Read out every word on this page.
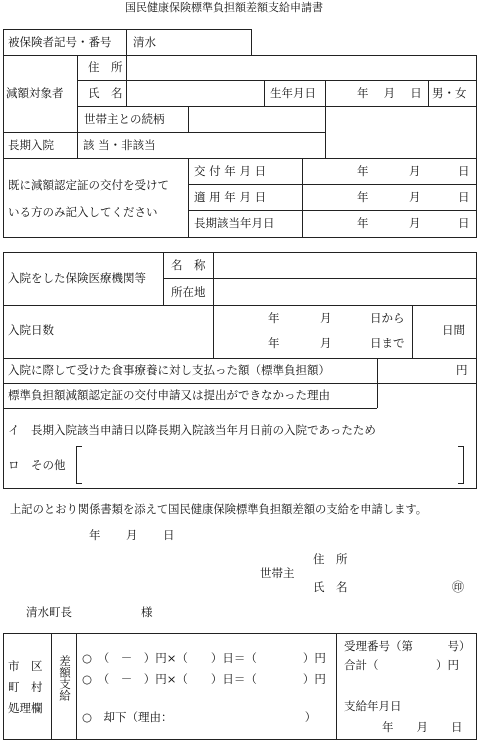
国民健康保険標準負担額差額支給申請書
被保険者記号・番号 清水
減額対象者
住　所
氏　名	生年月日	年　 月　 日 男・女
世帯主との続柄
長期入院	該 当・非該当
既に減額認定証の交付を受けて
いる方のみ記入してください
交 付 年 月 日	年	月	日
適 用 年 月 日	年	月	日
長期該当年月日	年	月	日
入院をした保険医療機関等
名　称
所在地
入院日数
年	月	日から
年	月	日まで
日間
入院に際して受けた食事療養に対し支払った額（標準負担額）	円
標準負担額減額認定証の交付申請又は提出ができなかった理由
イ　長期入院該当申請日以降長期入院該当年月日前の入院であったため
ロ　その他
上記のとおり関係書類を添えて国民健康保険標準負担額差額の支給を申請します。
年 月 日
世帯主
住　所
氏　名	㊞
清水町長	様
市　区
町　村
処理欄
差額支給 ○　（　－　）円×（　　）日＝（　　　　）円
○　（　－　）円×（　　）日＝（　　　　）円
○　却下（理由：　　　　　　　　　　　　）
受理番号（第　　　号）
合計（　　　　　）円
支給年月日
年　　月　　日
